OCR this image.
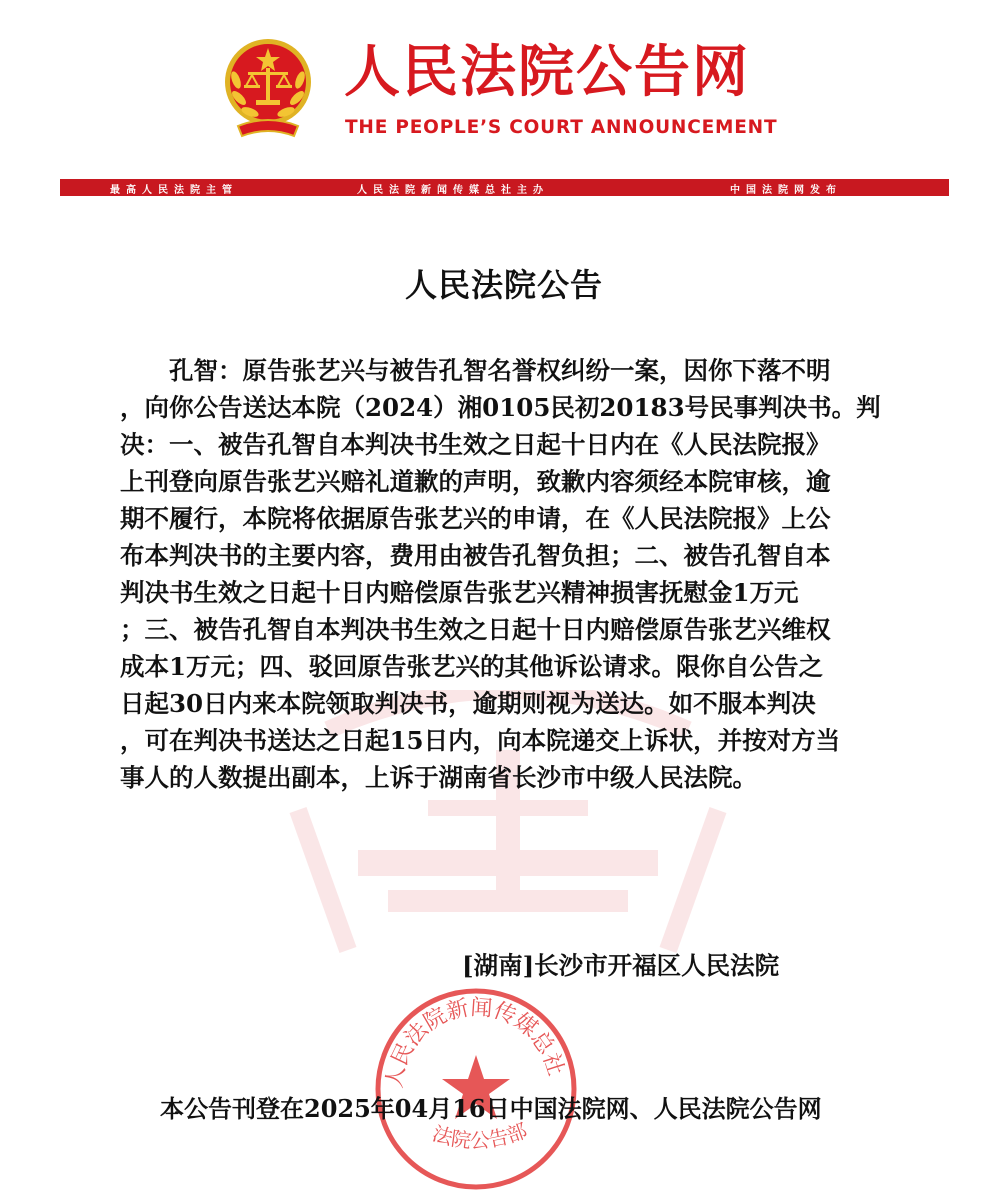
人民法院公告网
THE PEOPLE’S COURT ANNOUNCEMENT
最高人民法院主管	人民法院新闻传媒总社主办	中国法院网发布
人民法院公告
　　孔智：原告张艺兴与被告孔智名誉权纠纷一案，因你下落不明
，向你公告送达本院（2024）湘0105民初20183号民事判决书。判
决：一、被告孔智自本判决书生效之日起十日内在《人民法院报》
上刊登向原告张艺兴赔礼道歉的声明，致歉内容须经本院审核，逾
期不履行，本院将依据原告张艺兴的申请，在《人民法院报》上公
布本判决书的主要内容，费用由被告孔智负担；二、被告孔智自本
判决书生效之日起十日内赔偿原告张艺兴精神损害抚慰金1万元
；三、被告孔智自本判决书生效之日起十日内赔偿原告张艺兴维权
成本1万元；四、驳回原告张艺兴的其他诉讼请求。限你自公告之
日起30日内来本院领取判决书，逾期则视为送达。如不服本判决
，可在判决书送达之日起15日内，向本院递交上诉状，并按对方当
事人的人数提出副本，上诉于湖南省长沙市中级人民法院。
[湖南]长沙市开福区人民法院
人民法院新闻传媒总社
法院公告部
本公告刊登在2025年04月16日中国法院网、人民法院公告网
